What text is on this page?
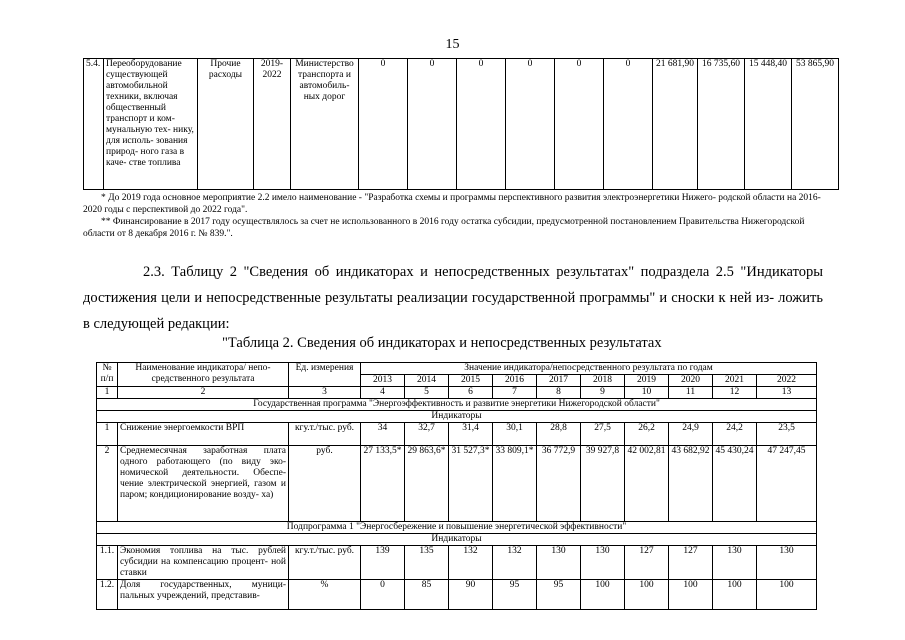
15
5.4.	Переоборудование существующей автомобильной техники, включая общественный транспорт и ком- мунальную тех- нику, для исполь- зования природ- ного газа в каче- стве топлива	Прочие расходы	2019-2022	Министерство транспорта и автомобиль- ных дорог	0	0	0	0	0	0	21 681,90	16 735,60	15 448,40	53 865,90
* До 2019 года основное мероприятие 2.2 имело наименование - "Разработка схемы и программы перспективного развития электроэнергетики Нижего- родской области на 2016-2020 годы с перспективой до 2022 года".
** Финансирование в 2017 году осуществлялось за счет не использованного в 2016 году остатка субсидии, предусмотренной постановлением Правительства Нижегородской области от 8 декабря 2016 г. № 839.".
2.3. Таблицу 2 "Сведения об индикаторах и непосредственных результатах" подраздела 2.5 "Индикаторы достижения цели и непосредственные результаты реализации государственной программы" и сноски к ней из- ложить в следующей редакции:
"Таблица 2. Сведения об индикаторах и непосредственных результатах
№ п/п	Наименование индикатора/ непо- средственного результата	Ед. измерения	Значение индикатора/непосредственного результата по годам									
			2013	2014	2015	2016	2017	2018	2019	2020	2021	2022
1	2	3	4	5	6	7	8	9	10	11	12	13
Государственная программа "Энергоэффективность и развитие энергетики Нижегородской области"												
Индикаторы												
1	Снижение энергоемкости ВРП	кгу.т./тыс. руб.	34	32,7	31,4	30,1	28,8	27,5	26,2	24,9	24,2	23,5
2	Среднемесячная заработная плата одного работающего (по виду эко- номической деятельности. Обеспе- чение электрической энергией, газом и паром; кондиционирование возду- ха)	руб.	27 133,5*	29 863,6*	31 527,3*	33 809,1*	36 772,9	39 927,8	42 002,81	43 682,92	45 430,24	47 247,45
Подпрограмма 1 "Энергосбережение и повышение энергетической эффективности"												
Индикаторы												
1.1.	Экономия топлива на тыс. рублей субсидии на компенсацию процент- ной ставки	кгу.т./тыс. руб.	139	135	132	132	130	130	127	127	130	130
1.2.	Доля государственных, муници- пальных учреждений, представив-	%	0	85	90	95	95	100	100	100	100	100
